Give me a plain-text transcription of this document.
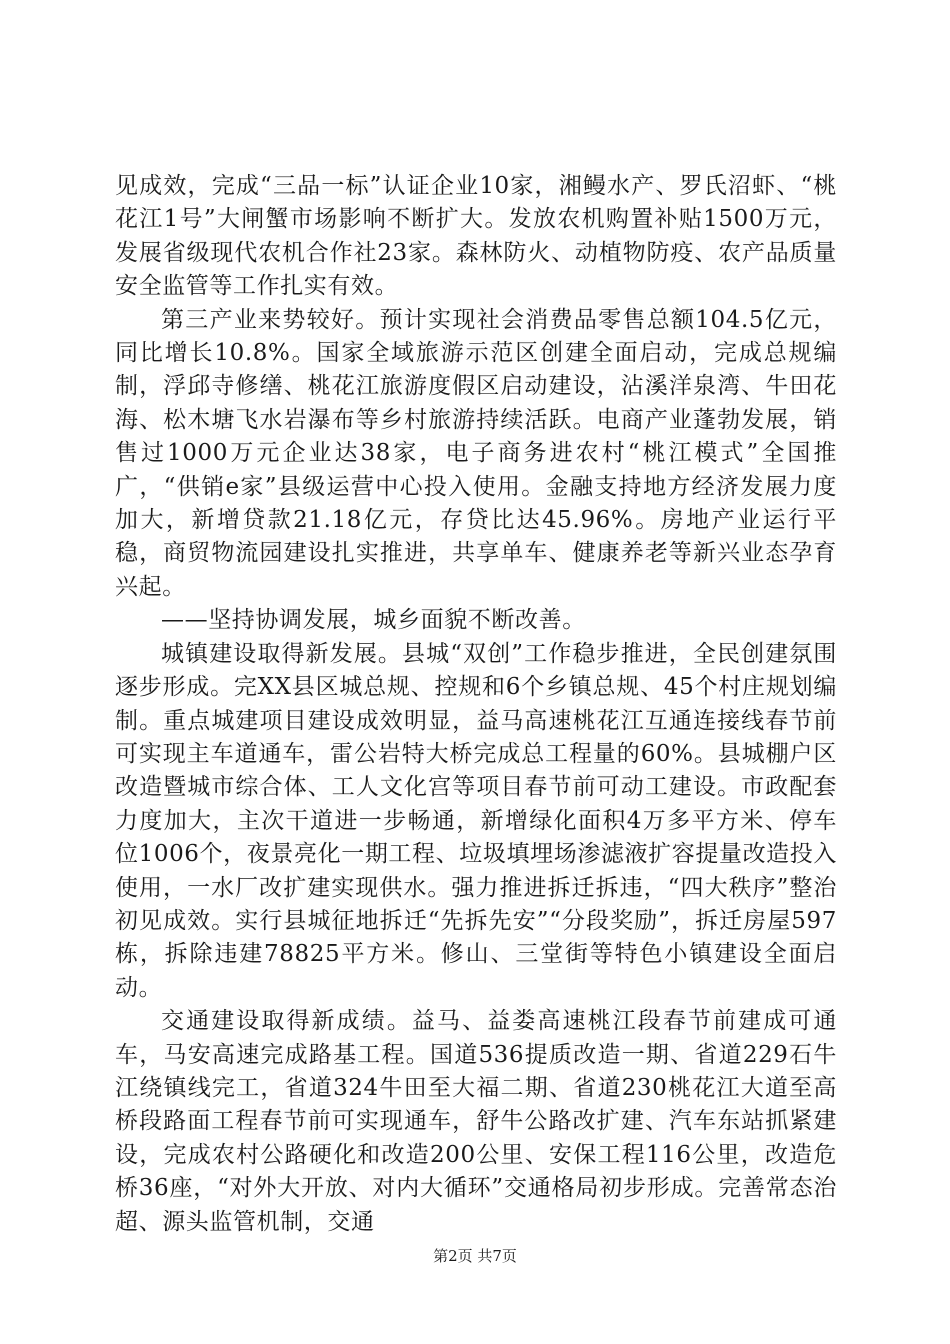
见成效，完成“三品一标”认证企业10家，湘鳗水产、罗氏沼虾、“桃花江1号”大闸蟹市场影响不断扩大。发放农机购置补贴1500万元，发展省级现代农机合作社23家。森林防火、动植物防疫、农产品质量安全监管等工作扎实有效。

第三产业来势较好。预计实现社会消费品零售总额104.5亿元，同比增长10.8%。国家全域旅游示范区创建全面启动，完成总规编制，浮邱寺修缮、桃花江旅游度假区启动建设，沾溪洋泉湾、牛田花海、松木塘飞水岩瀑布等乡村旅游持续活跃。电商产业蓬勃发展，销售过1000万元企业达38家，电子商务进农村“桃江模式”全国推广，“供销e家”县级运营中心投入使用。金融支持地方经济发展力度加大，新增贷款21.18亿元，存贷比达45.96%。房地产业运行平稳，商贸物流园建设扎实推进，共享单车、健康养老等新兴业态孕育兴起。

——坚持协调发展，城乡面貌不断改善。

城镇建设取得新发展。县城“双创”工作稳步推进，全民创建氛围逐步形成。完XX县区城总规、控规和6个乡镇总规、45个村庄规划编制。重点城建项目建设成效明显，益马高速桃花江互通连接线春节前可实现主车道通车，雷公岩特大桥完成总工程量的60%。县城棚户区改造暨城市综合体、工人文化宫等项目春节前可动工建设。市政配套力度加大，主次干道进一步畅通，新增绿化面积4万多平方米、停车位1006个，夜景亮化一期工程、垃圾填埋场渗滤液扩容提量改造投入使用，一水厂改扩建实现供水。强力推进拆迁拆违，“四大秩序”整治初见成效。实行县城征地拆迁“先拆先安”“分段奖励”，拆迁房屋597栋，拆除违建78825平方米。修山、三堂街等特色小镇建设全面启动。

交通建设取得新成绩。益马、益娄高速桃江段春节前建成可通车，马安高速完成路基工程。国道536提质改造一期、省道229石牛江绕镇线完工，省道324牛田至大福二期、省道230桃花江大道至高桥段路面工程春节前可实现通车，舒牛公路改扩建、汽车东站抓紧建设，完成农村公路硬化和改造200公里、安保工程116公里，改造危桥36座，“对外大开放、对内大循环”交通格局初步形成。完善常态治超、源头监管机制，交通

第2页 共7页
